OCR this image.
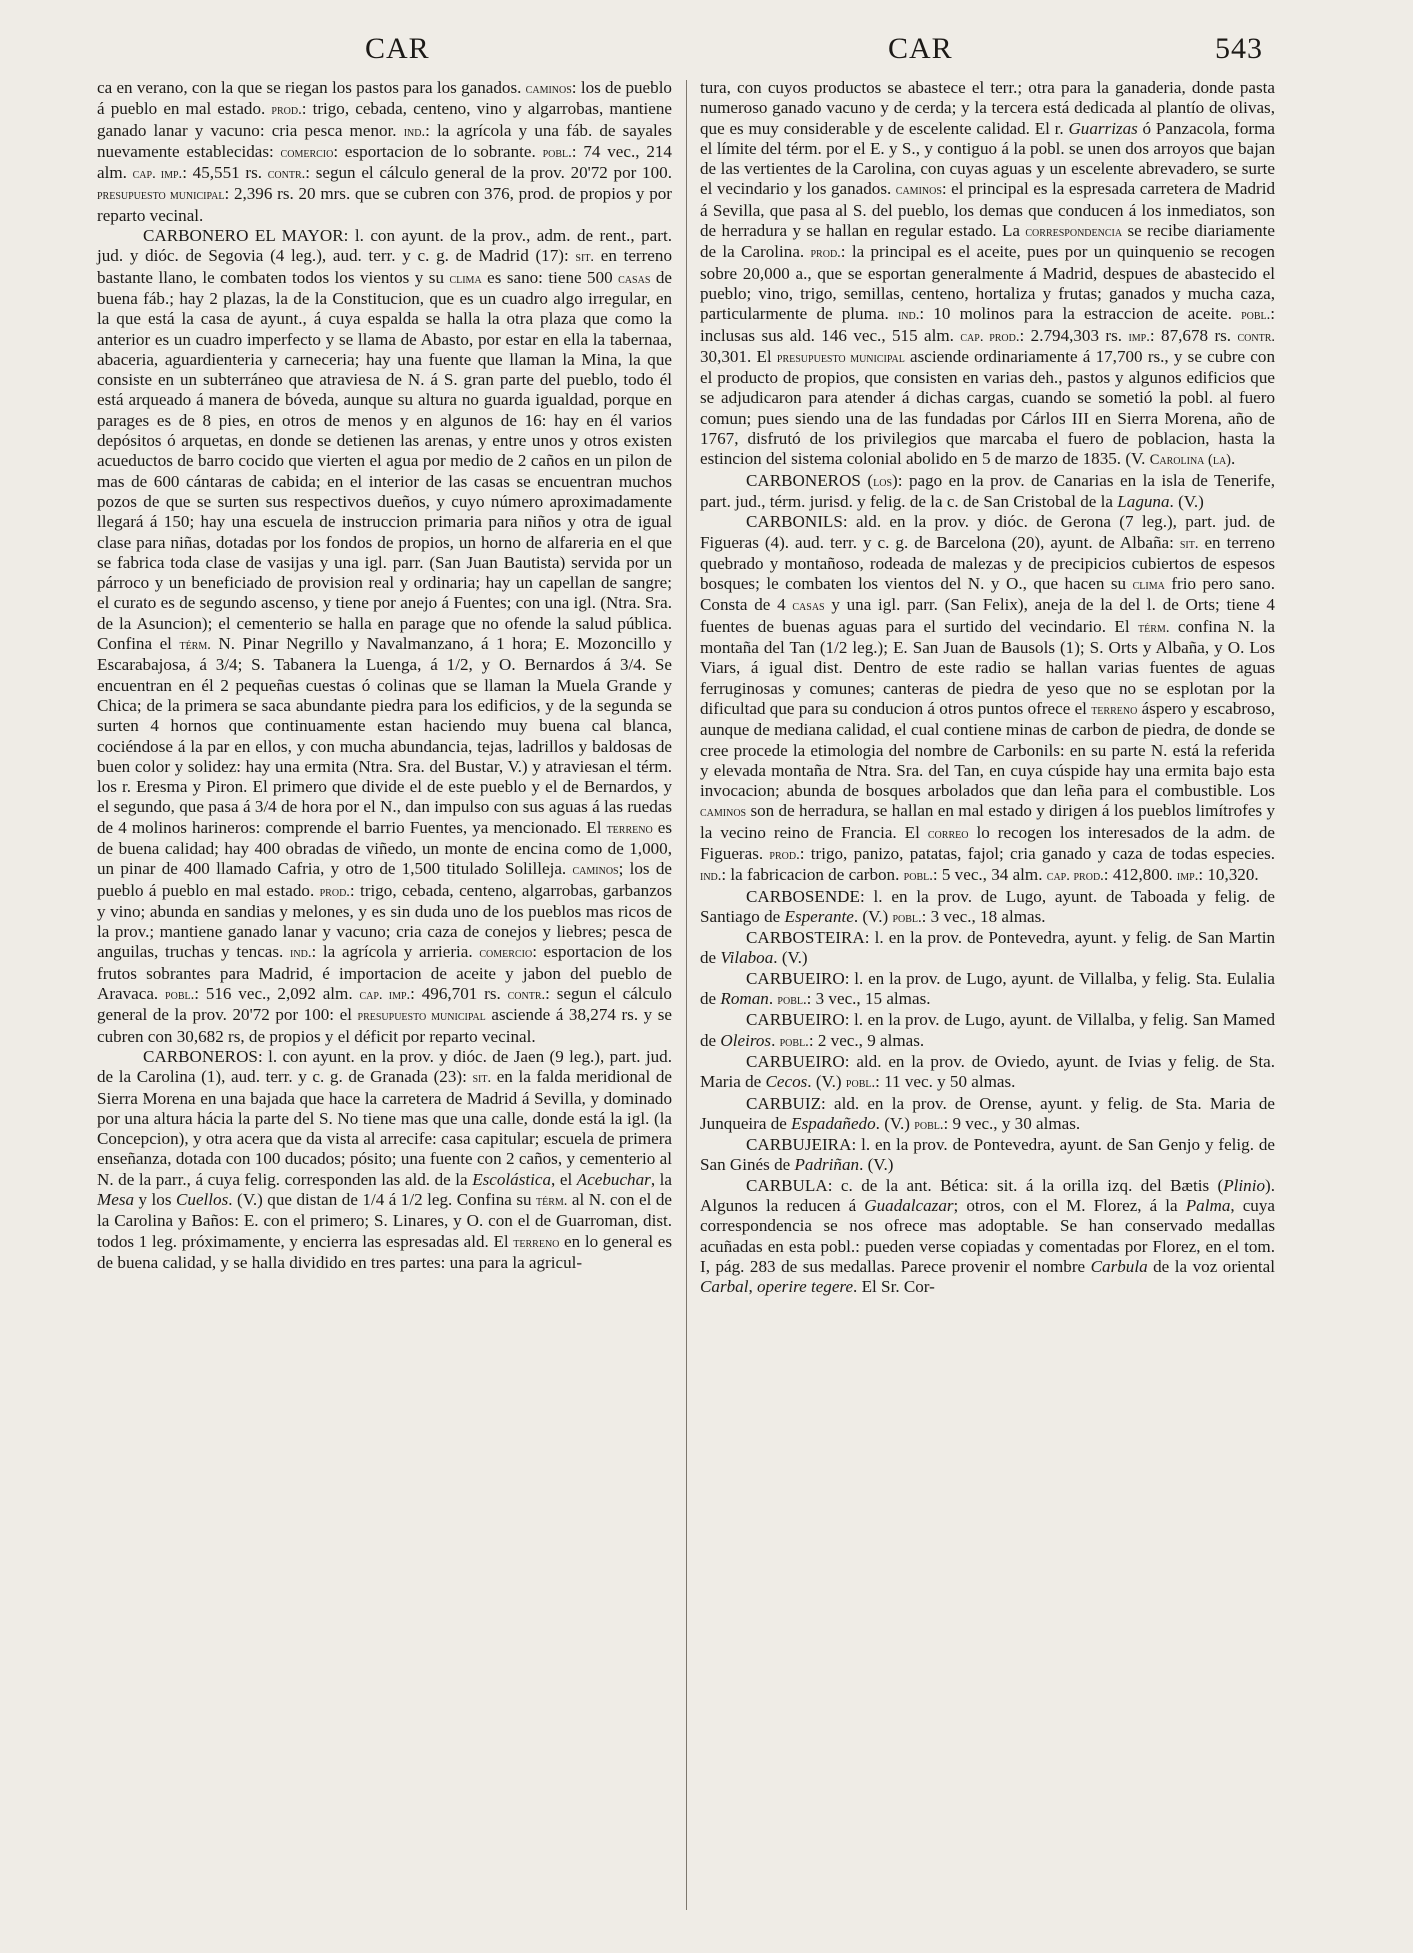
CAR	CAR	543

ca en verano, con la que se riegan los pastos para los ganados. caminos: los de pueblo á pueblo en mal estado. prod.: trigo, cebada, centeno, vino y algarrobas, mantiene ganado lanar y vacuno: cria pesca menor. ind.: la agrícola y una fáb. de sayales nuevamente establecidas: comercio: esportacion de lo sobrante. pobl.: 74 vec., 214 alm. cap. imp.: 45,551 rs. contr.: segun el cálculo general de la prov. 20'72 por 100. presupuesto municipal: 2,396 rs. 20 mrs. que se cubren con 376, prod. de propios y por reparto vecinal.

CARBONERO EL MAYOR: l. con ayunt. de la prov., adm. de rent., part. jud. y dióc. de Segovia (4 leg.), aud. terr. y c. g. de Madrid (17): sit. en terreno bastante llano, le combaten todos los vientos y su clima es sano: tiene 500 casas de buena fáb.; hay 2 plazas, la de la Constitucion, que es un cuadro algo irregular, en la que está la casa de ayunt., á cuya espalda se halla la otra plaza que como la anterior es un cuadro imperfecto y se llama de Abasto, por estar en ella la tabernaa, abaceria, aguardienteria y carneceria; hay una fuente que llaman la Mina, la que consiste en un subterráneo que atraviesa de N. á S. gran parte del pueblo, todo él está arqueado á manera de bóveda, aunque su altura no guarda igualdad, porque en parages es de 8 pies, en otros de menos y en algunos de 16: hay en él varios depósitos ó arquetas, en donde se detienen las arenas, y entre unos y otros existen acueductos de barro cocido que vierten el agua por medio de 2 caños en un pilon de mas de 600 cántaras de cabida; en el interior de las casas se encuentran muchos pozos de que se surten sus respectivos dueños, y cuyo número aproximadamente llegará á 150; hay una escuela de instruccion primaria para niños y otra de igual clase para niñas, dotadas por los fondos de propios, un horno de alfareria en el que se fabrica toda clase de vasijas y una igl. parr. (San Juan Bautista) servida por un párroco y un beneficiado de provision real y ordinaria; hay un capellan de sangre; el curato es de segundo ascenso, y tiene por anejo á Fuentes; con una igl. (Ntra. Sra. de la Asuncion); el cementerio se halla en parage que no ofende la salud pública. Confina el térm. N. Pinar Negrillo y Navalmanzano, á 1 hora; E. Mozoncillo y Escarabajosa, á 3/4; S. Tabanera la Luenga, á 1/2, y O. Bernardos á 3/4. Se encuentran en él 2 pequeñas cuestas ó colinas que se llaman la Muela Grande y Chica; de la primera se saca abundante piedra para los edificios, y de la segunda se surten 4 hornos que continuamente estan haciendo muy buena cal blanca, cociéndose á la par en ellos, y con mucha abundancia, tejas, ladrillos y baldosas de buen color y solidez: hay una ermita (Ntra. Sra. del Bustar, V.) y atraviesan el térm. los r. Eresma y Piron. El primero que divide el de este pueblo y el de Bernardos, y el segundo, que pasa á 3/4 de hora por el N., dan impulso con sus aguas á las ruedas de 4 molinos harineros: comprende el barrio Fuentes, ya mencionado. El terreno es de buena calidad; hay 400 obradas de viñedo, un monte de encina como de 1,000, un pinar de 400 llamado Cafria, y otro de 1,500 titulado Solilleja. caminos; los de pueblo á pueblo en mal estado. prod.: trigo, cebada, centeno, algarrobas, garbanzos y vino; abunda en sandias y melones, y es sin duda uno de los pueblos mas ricos de la prov.; mantiene ganado lanar y vacuno; cria caza de conejos y liebres; pesca de anguilas, truchas y tencas. ind.: la agrícola y arrieria. comercio: esportacion de los frutos sobrantes para Madrid, é importacion de aceite y jabon del pueblo de Aravaca. pobl.: 516 vec., 2,092 alm. cap. imp.: 496,701 rs. contr.: segun el cálculo general de la prov. 20'72 por 100: el presupuesto municipal asciende á 38,274 rs. y se cubren con 30,682 rs, de propios y el déficit por reparto vecinal.

CARBONEROS: l. con ayunt. en la prov. y dióc. de Jaen (9 leg.), part. jud. de la Carolina (1), aud. terr. y c. g. de Granada (23): sit. en la falda meridional de Sierra Morena en una bajada que hace la carretera de Madrid á Sevilla, y dominado por una altura hácia la parte del S. No tiene mas que una calle, donde está la igl. (la Concepcion), y otra acera que da vista al arrecife: casa capitular; escuela de primera enseñanza, dotada con 100 ducados; pósito; una fuente con 2 caños, y cementerio al N. de la parr., á cuya felig. corresponden las ald. de la Escolástica, el Acebuchar, la Mesa y los Cuellos. (V.) que distan de 1/4 á 1/2 leg. Confina su térm. al N. con el de la Carolina y Baños: E. con el primero; S. Linares, y O. con el de Guarroman, dist. todos 1 leg. próximamente, y encierra las espresadas ald. El terreno en lo general es de buena calidad, y se halla dividido en tres partes: una para la agricul-

tura, con cuyos productos se abastece el terr.; otra para la ganaderia, donde pasta numeroso ganado vacuno y de cerda; y la tercera está dedicada al plantío de olivas, que es muy considerable y de escelente calidad. El r. Guarrizas ó Panzacola, forma el límite del térm. por el E. y S., y contiguo á la pobl. se unen dos arroyos que bajan de las vertientes de la Carolina, con cuyas aguas y un escelente abrevadero, se surte el vecindario y los ganados. caminos: el principal es la espresada carretera de Madrid á Sevilla, que pasa al S. del pueblo, los demas que conducen á los inmediatos, son de herradura y se hallan en regular estado. La correspondencia se recibe diariamente de la Carolina. prod.: la principal es el aceite, pues por un quinquenio se recogen sobre 20,000 a., que se esportan generalmente á Madrid, despues de abastecido el pueblo; vino, trigo, semillas, centeno, hortaliza y frutas; ganados y mucha caza, particularmente de pluma. ind.: 10 molinos para la estraccion de aceite. pobl.: inclusas sus ald. 146 vec., 515 alm. cap. prod.: 2.794,303 rs. imp.: 87,678 rs. contr. 30,301. El presupuesto municipal asciende ordinariamente á 17,700 rs., y se cubre con el producto de propios, que consisten en varias deh., pastos y algunos edificios que se adjudicaron para atender á dichas cargas, cuando se sometió la pobl. al fuero comun; pues siendo una de las fundadas por Cárlos III en Sierra Morena, año de 1767, disfrutó de los privilegios que marcaba el fuero de poblacion, hasta la estincion del sistema colonial abolido en 5 de marzo de 1835. (V. Carolina (la).

CARBONEROS (los): pago en la prov. de Canarias en la isla de Tenerife, part. jud., térm. jurisd. y felig. de la c. de San Cristobal de la Laguna. (V.)

CARBONILS: ald. en la prov. y dióc. de Gerona (7 leg.), part. jud. de Figueras (4). aud. terr. y c. g. de Barcelona (20), ayunt. de Albaña: sit. en terreno quebrado y montañoso, rodeada de malezas y de precipicios cubiertos de espesos bosques; le combaten los vientos del N. y O., que hacen su clima frio pero sano. Consta de 4 casas y una igl. parr. (San Felix), aneja de la del l. de Orts; tiene 4 fuentes de buenas aguas para el surtido del vecindario. El térm. confina N. la montaña del Tan (1/2 leg.); E. San Juan de Bausols (1); S. Orts y Albaña, y O. Los Viars, á igual dist. Dentro de este radio se hallan varias fuentes de aguas ferruginosas y comunes; canteras de piedra de yeso que no se esplotan por la dificultad que para su conducion á otros puntos ofrece el terreno áspero y escabroso, aunque de mediana calidad, el cual contiene minas de carbon de piedra, de donde se cree procede la etimologia del nombre de Carbonils: en su parte N. está la referida y elevada montaña de Ntra. Sra. del Tan, en cuya cúspide hay una ermita bajo esta invocacion; abunda de bosques arbolados que dan leña para el combustible. Los caminos son de herradura, se hallan en mal estado y dirigen á los pueblos limítrofes y la vecino reino de Francia. El correo lo recogen los interesados de la adm. de Figueras. prod.: trigo, panizo, patatas, fajol; cria ganado y caza de todas especies. ind.: la fabricacion de carbon. pobl.: 5 vec., 34 alm. cap. prod.: 412,800. imp.: 10,320.

CARBOSENDE: l. en la prov. de Lugo, ayunt. de Taboada y felig. de Santiago de Esperante. (V.) pobl.: 3 vec., 18 almas.

CARBOSTEIRA: l. en la prov. de Pontevedra, ayunt. y felig. de San Martin de Vilaboa. (V.)

CARBUEIRO: l. en la prov. de Lugo, ayunt. de Villalba, y felig. Sta. Eulalia de Roman. pobl.: 3 vec., 15 almas.

CARBUEIRO: l. en la prov. de Lugo, ayunt. de Villalba, y felig. San Mamed de Oleiros. pobl.: 2 vec., 9 almas.

CARBUEIRO: ald. en la prov. de Oviedo, ayunt. de Ivias y felig. de Sta. Maria de Cecos. (V.) pobl.: 11 vec. y 50 almas.

CARBUIZ: ald. en la prov. de Orense, ayunt. y felig. de Sta. Maria de Junqueira de Espadañedo. (V.) pobl.: 9 vec., y 30 almas.

CARBUJEIRA: l. en la prov. de Pontevedra, ayunt. de San Genjo y felig. de San Ginés de Padriñan. (V.)

CARBULA: c. de la ant. Bética: sit. á la orilla izq. del Bætis (Plinio). Algunos la reducen á Guadalcazar; otros, con el M. Florez, á la Palma, cuya correspondencia se nos ofrece mas adoptable. Se han conservado medallas acuñadas en esta pobl.: pueden verse copiadas y comentadas por Florez, en el tom. I, pág. 283 de sus medallas. Parece provenir el nombre Carbula de la voz oriental Carbal, operire tegere. El Sr. Cor-
